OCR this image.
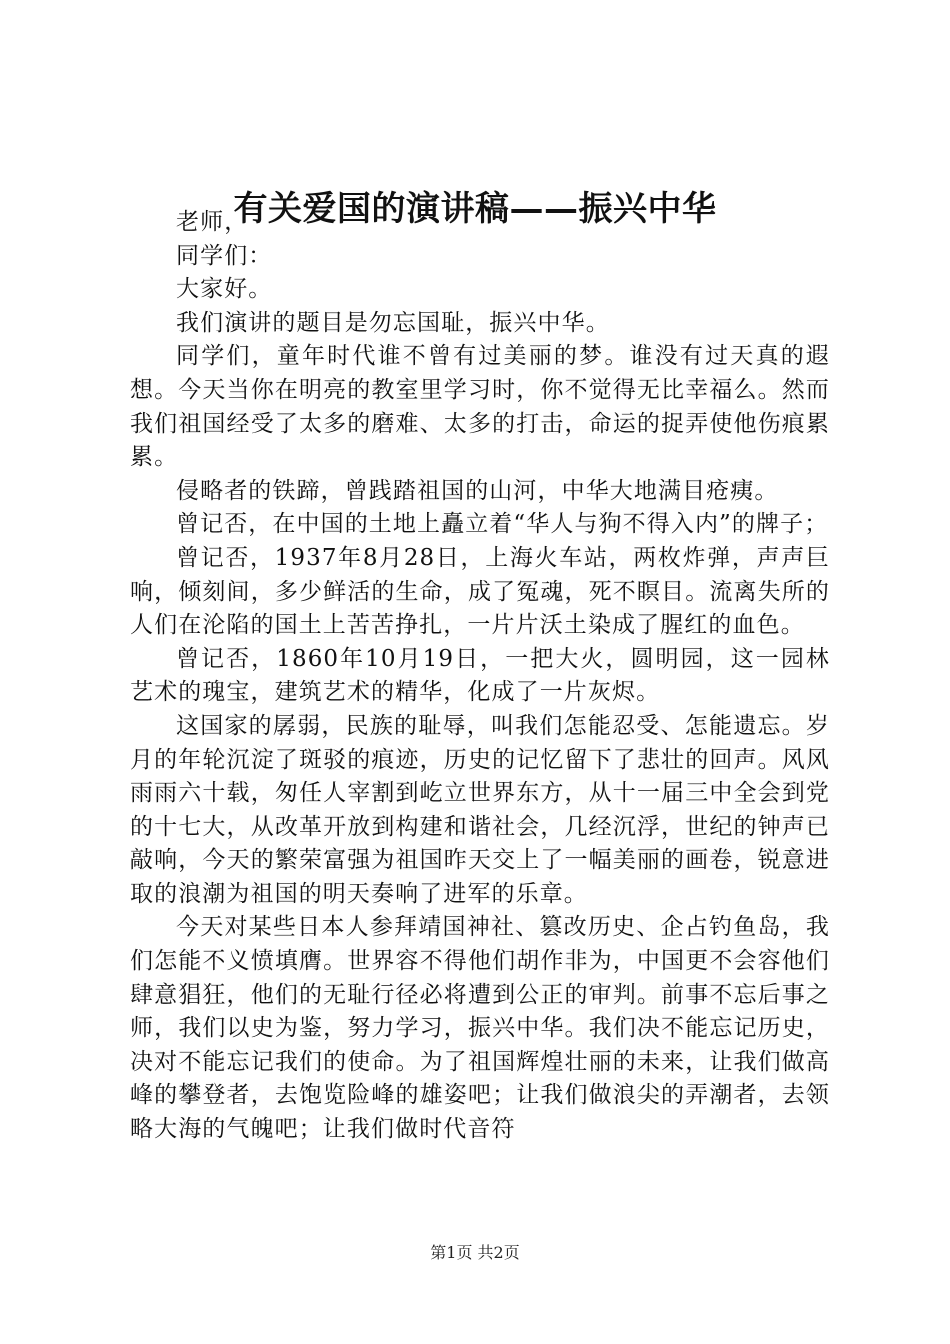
有关爱国的演讲稿——振兴中华

老师，

同学们：

大家好。

我们演讲的题目是勿忘国耻，振兴中华。

同学们，童年时代谁不曾有过美丽的梦。谁没有过天真的遐想。今天当你在明亮的教室里学习时，你不觉得无比幸福么。然而我们祖国经受了太多的磨难、太多的打击，命运的捉弄使他伤痕累累。

侵略者的铁蹄，曾践踏祖国的山河，中华大地满目疮痍。

曾记否，在中国的土地上矗立着“华人与狗不得入内”的牌子；

曾记否，1937年8月28日，上海火车站，两枚炸弹，声声巨响，倾刻间，多少鲜活的生命，成了冤魂，死不瞑目。流离失所的人们在沦陷的国土上苦苦挣扎，一片片沃土染成了腥红的血色。

曾记否，1860年10月19日，一把大火，圆明园，这一园林艺术的瑰宝，建筑艺术的精华，化成了一片灰烬。

这国家的孱弱，民族的耻辱，叫我们怎能忍受、怎能遗忘。岁月的年轮沉淀了斑驳的痕迹，历史的记忆留下了悲壮的回声。风风雨雨六十载，匆任人宰割到屹立世界东方，从十一届三中全会到党的十七大，从改革开放到构建和谐社会，几经沉浮，世纪的钟声已敲响，今天的繁荣富强为祖国昨天交上了一幅美丽的画卷，锐意进取的浪潮为祖国的明天奏响了进军的乐章。

今天对某些日本人参拜靖国神社、篡改历史、企占钓鱼岛，我们怎能不义愤填膺。世界容不得他们胡作非为，中国更不会容他们肆意猖狂，他们的无耻行径必将遭到公正的审判。前事不忘后事之师，我们以史为鉴，努力学习，振兴中华。我们决不能忘记历史，决对不能忘记我们的使命。为了祖国辉煌壮丽的未来，让我们做高峰的攀登者，去饱览险峰的雄姿吧；让我们做浪尖的弄潮者，去领略大海的气魄吧；让我们做时代音符

第1页 共2页
